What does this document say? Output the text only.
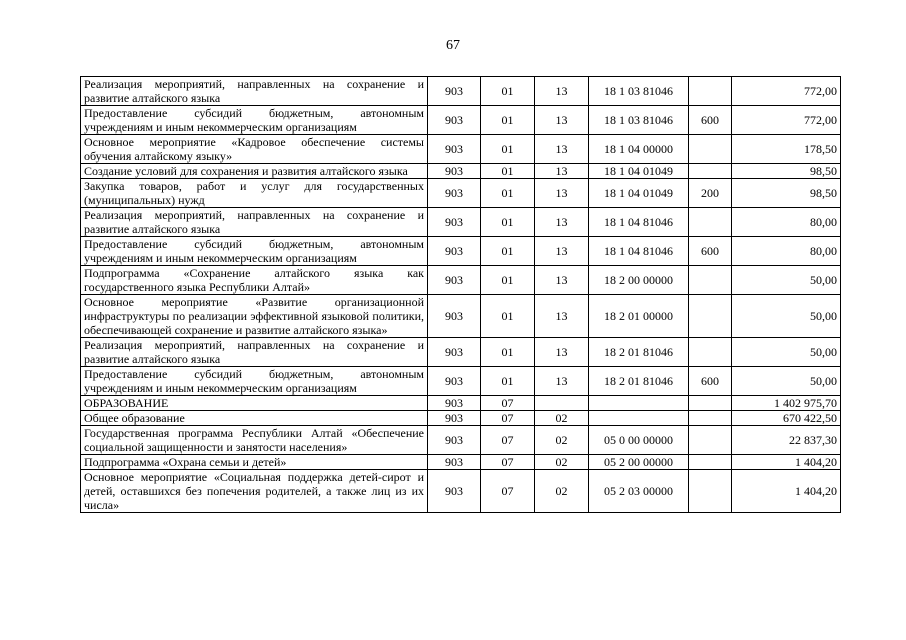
67
Реализация мероприятий, направленных на сохранение и развитие алтайского языка	903	01	13	18 1 03 81046		772,00
Предоставление субсидий бюджетным, автономным учреждениям и иным некоммерческим организациям	903	01	13	18 1 03 81046	600	772,00
Основное мероприятие «Кадровое обеспечение системы обучения алтайскому языку»	903	01	13	18 1 04 00000		178,50
Создание условий для сохранения и развития алтайского языка	903	01	13	18 1 04 01049		98,50
Закупка товаров, работ и услуг для государственных (муниципальных) нужд	903	01	13	18 1 04 01049	200	98,50
Реализация мероприятий, направленных на сохранение и развитие алтайского языка	903	01	13	18 1 04 81046		80,00
Предоставление субсидий бюджетным, автономным учреждениям и иным некоммерческим организациям	903	01	13	18 1 04 81046	600	80,00
Подпрограмма «Сохранение алтайского языка как государственного языка Республики Алтай»	903	01	13	18 2 00 00000		50,00
Основное мероприятие «Развитие организационной инфраструктуры по реализации эффективной языковой политики, обеспечивающей сохранение и развитие алтайского языка»	903	01	13	18 2 01 00000		50,00
Реализация мероприятий, направленных на сохранение и развитие алтайского языка	903	01	13	18 2 01 81046		50,00
Предоставление субсидий бюджетным, автономным учреждениям и иным некоммерческим организациям	903	01	13	18 2 01 81046	600	50,00
ОБРАЗОВАНИЕ	903	07				1 402 975,70
Общее образование	903	07	02			670 422,50
Государственная программа Республики Алтай «Обеспечение социальной защищенности и занятости населения»	903	07	02	05 0 00 00000		22 837,30
Подпрограмма «Охрана семьи и детей»	903	07	02	05 2 00 00000		1 404,20
Основное мероприятие «Социальная поддержка детей-сирот и детей, оставшихся без попечения родителей, а также лиц из их числа»	903	07	02	05 2 03 00000		1 404,20
